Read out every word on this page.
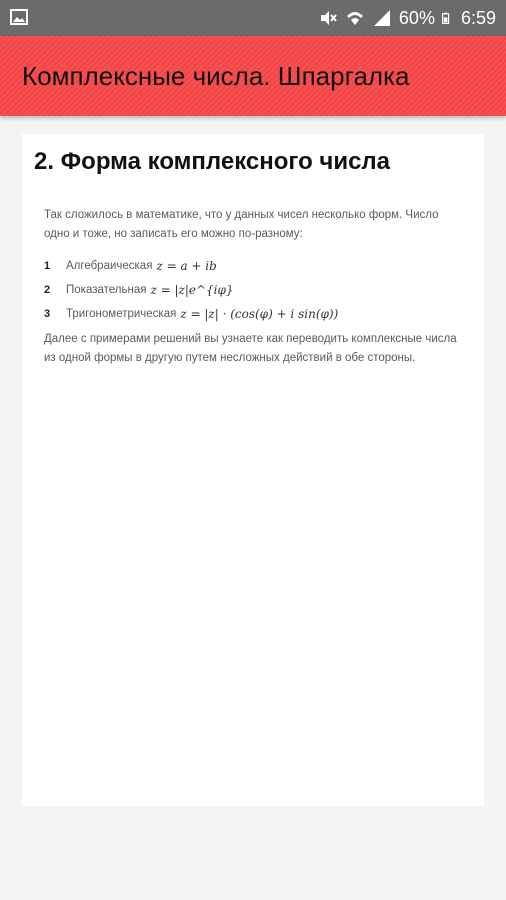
60% 6:59
Комплексные числа. Шпаргалка
2. Форма комплексного числа

Так сложилось в математике, что у данных чисел несколько форм. Число одно и тоже, но записать его можно по-разному:

1	Алгебраическая z = a + ib
2	Показательная z = |z|e^{iφ}
3	Тригонометрическая z = |z| · (cos(φ) + i sin(φ))

Далее с примерами решений вы узнаете как переводить комплексные числа из одной формы в другую путем несложных действий в обе стороны.
